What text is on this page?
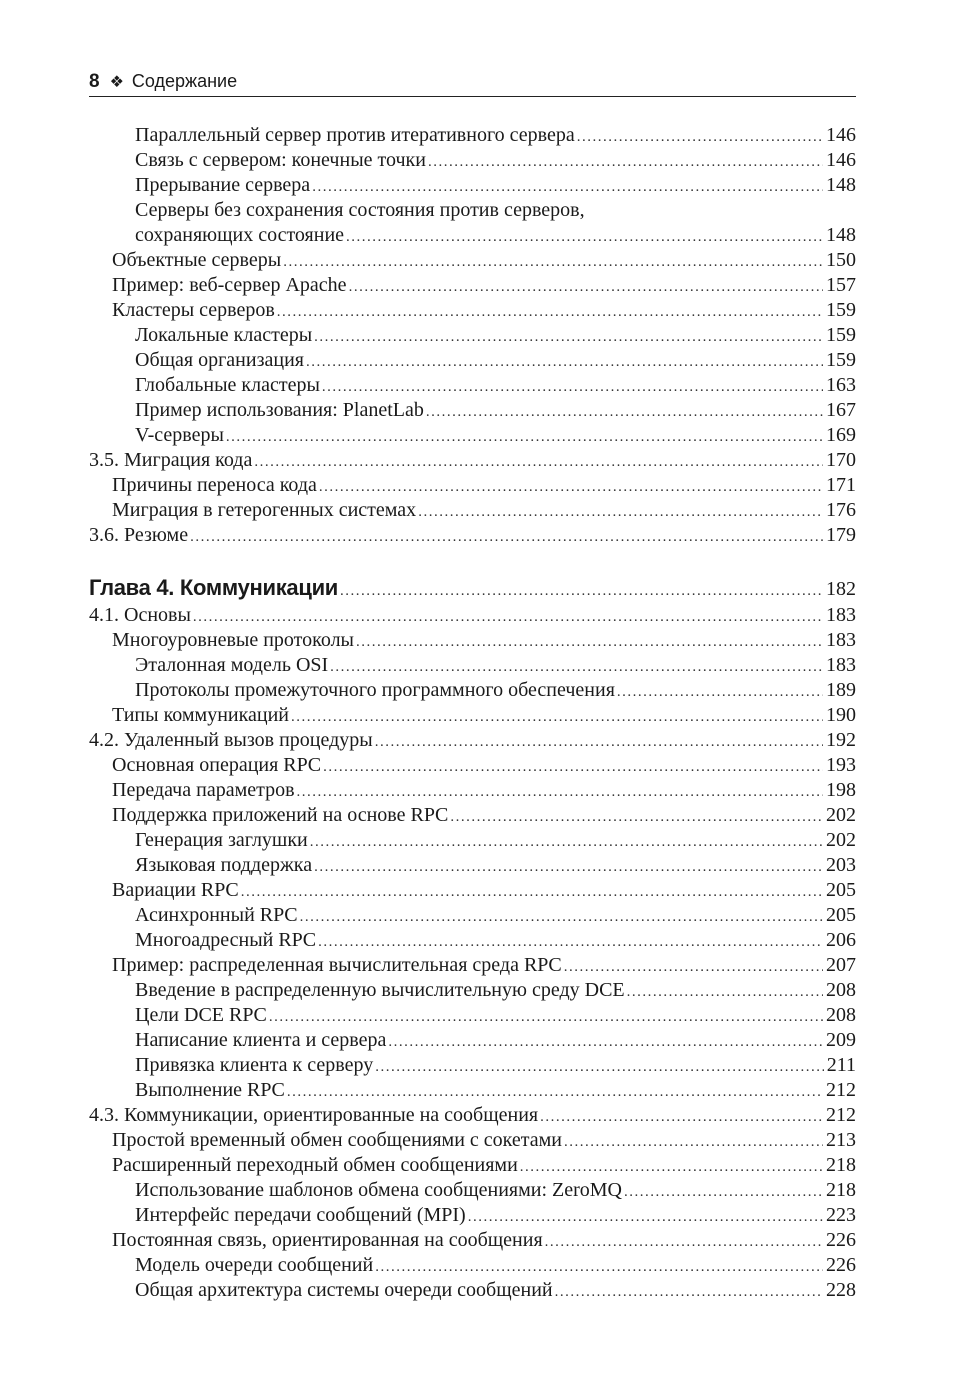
8 ❖ Содержание
Параллельный сервер против итеративного сервера .....	146
Связь с сервером: конечные точки .....	146
Прерывание сервера .....	148
Серверы без сохранения состояния против серверов,
сохраняющих состояние .....	148
Объектные серверы .....	150
Пример: веб-сервер Apache .....	157
Кластеры серверов .....	159
Локальные кластеры .....	159
Общая организация .....	159
Глобальные кластеры .....	163
Пример использования: PlanetLab .....	167
V-серверы .....	169
3.5. Миграция кода .....	170
Причины переноса кода .....	171
Миграция в гетерогенных системах .....	176
3.6. Резюме .....	179
Глава 4. Коммуникации .....	182
4.1. Основы .....	183
Многоуровневые протоколы .....	183
Эталонная модель OSI .....	183
Протоколы промежуточного программного обеспечения .....	189
Типы коммуникаций .....	190
4.2. Удаленный вызов процедуры .....	192
Основная операция RPC .....	193
Передача параметров .....	198
Поддержка приложений на основе RPC .....	202
Генерация заглушки .....	202
Языковая поддержка .....	203
Вариации RPC .....	205
Асинхронный RPC .....	205
Многоадресный RPC .....	206
Пример: распределенная вычислительная среда RPC .....	207
Введение в распределенную вычислительную среду DCE .....	208
Цели DCE RPC .....	208
Написание клиента и сервера .....	209
Привязка клиента к серверу .....	211
Выполнение RPC .....	212
4.3. Коммуникации, ориентированные на сообщения .....	212
Простой временный обмен сообщениями с сокетами .....	213
Расширенный переходный обмен сообщениями .....	218
Использование шаблонов обмена сообщениями: ZeroMQ .....	218
Интерфейс передачи сообщений (MPI) .....	223
Постоянная связь, ориентированная на сообщения .....	226
Модель очереди сообщений .....	226
Общая архитектура системы очереди сообщений .....	228
